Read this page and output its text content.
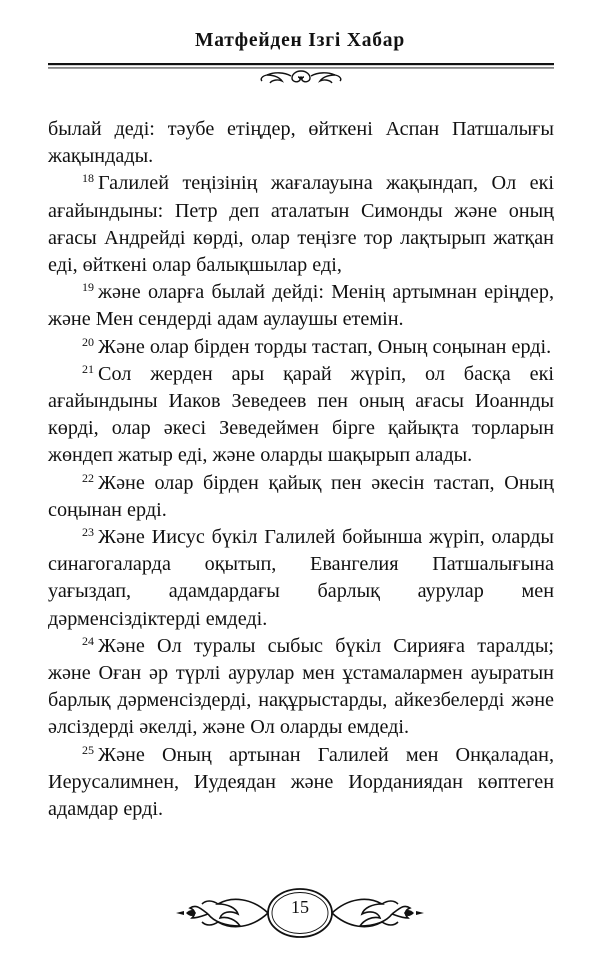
Матфейден Ізгі Хабар

былай деді: тәубе етіңдер, өйткені Аспан Патшалығы жақындады.

$^{18}$ Галилей теңізінің жағалауына жақындап, Ол екі ағайындыны: Петр деп аталатын Симонды және оның ағасы Андрейді көрді, олар теңізге тор лақтырып жатқан еді, өйткені олар балықшылар еді,

$^{19}$ және оларға былай дейді: Менің артымнан еріңдер, және Мен сендерді адам аулаушы етемін.

$^{20}$ Және олар бірден торды тастап, Оның соңынан ерді.

$^{21}$ Сол жерден ары қарай жүріп, ол басқа екі ағайындыны Иаков Зеведеев пен оның ағасы Иоаннды көрді, олар әкесі Зеведеймен бірге қайықта торларын жөндеп жатыр еді, және оларды шақырып алады.

$^{22}$ Және олар бірден қайық пен әкесін тастап, Оның соңынан ерді.

$^{23}$ Және Иисус бүкіл Галилей бойынша жүріп, оларды синагогаларда оқытып, Евангелия Патшалығына уағыздап, адамдардағы барлық аурулар мен дәрменсіздіктерді емдеді.

$^{24}$ Және Ол туралы сыбыс бүкіл Сирияға таралды; және Оған әр түрлі аурулар мен ұстамалармен ауыратын барлық дәрменсіздерді, нақұрыстарды, айкезбелерді және әлсіздерді әкелді, және Ол оларды емдеді.

$^{25}$ Және Оның артынан Галилей мен Онқаладан, Иерусалимнен, Иудеядан және Иорданиядан көптеген адамдар ерді.

15
